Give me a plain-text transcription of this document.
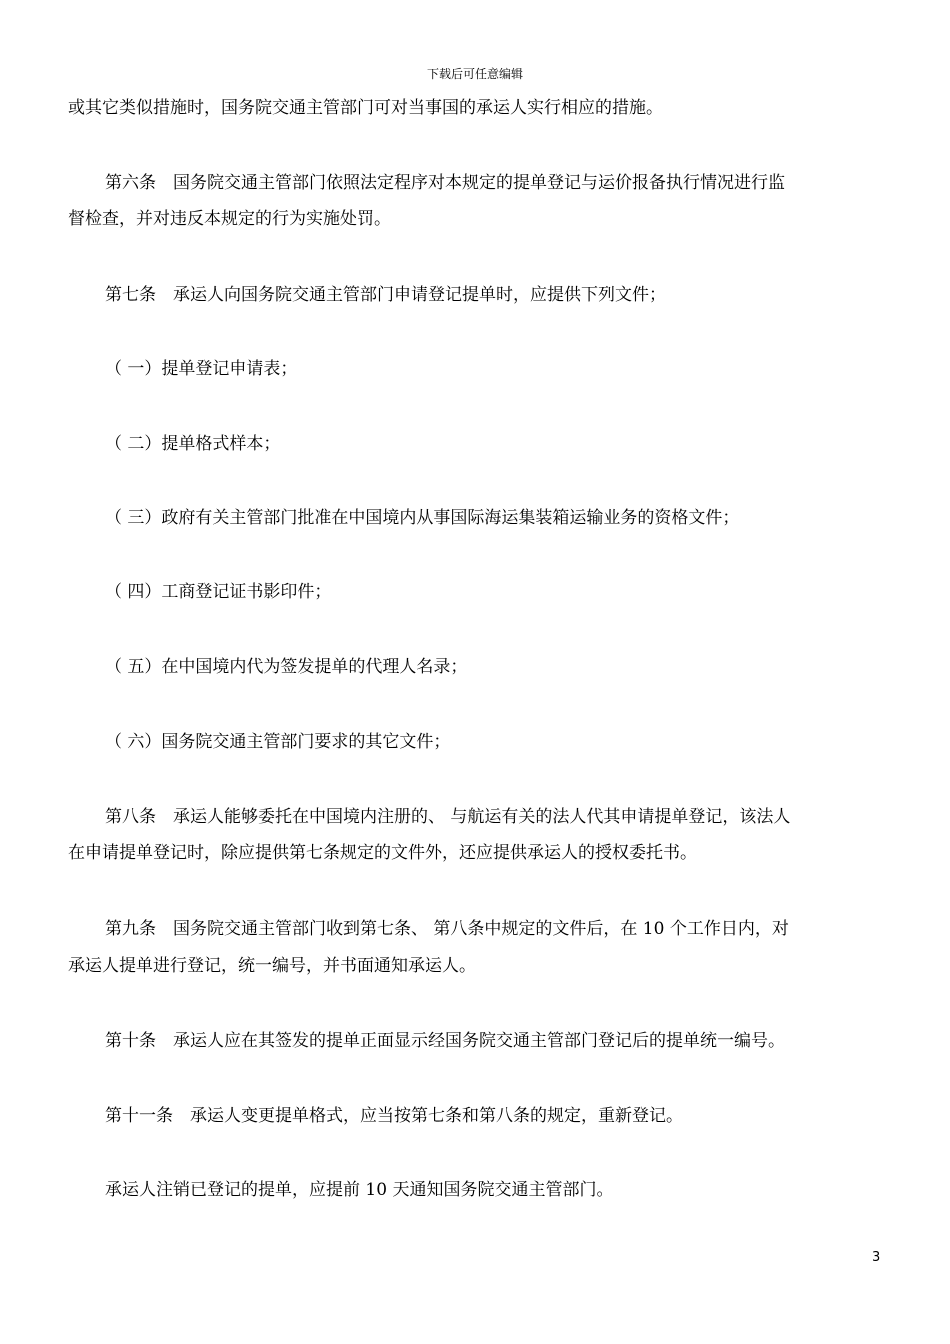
下载后可任意编辑
或其它类似措施时，国务院交通主管部门可对当事国的承运人实行相应的措施。
第六条　国务院交通主管部门依照法定程序对本规定的提单登记与运价报备执行情况进行监
督检查，并对违反本规定的行为实施处罚。
第七条　承运人向国务院交通主管部门申请登记提单时，应提供下列文件；
（ 一）提单登记申请表；
（ 二）提单格式样本；
（ 三）政府有关主管部门批准在中国境内从事国际海运集装箱运输业务的资格文件；
（ 四）工商登记证书影印件；
（ 五）在中国境内代为签发提单的代理人名录；
（ 六）国务院交通主管部门要求的其它文件；
第八条　承运人能够委托在中国境内注册的、 与航运有关的法人代其申请提单登记，该法人
在申请提单登记时，除应提供第七条规定的文件外，还应提供承运人的授权委托书。
第九条　国务院交通主管部门收到第七条、 第八条中规定的文件后，在 10 个工作日内，对
承运人提单进行登记，统一编号，并书面通知承运人。
第十条　承运人应在其签发的提单正面显示经国务院交通主管部门登记后的提单统一编号。
第十一条　承运人变更提单格式，应当按第七条和第八条的规定，重新登记。
承运人注销已登记的提单，应提前 10 天通知国务院交通主管部门。
3
